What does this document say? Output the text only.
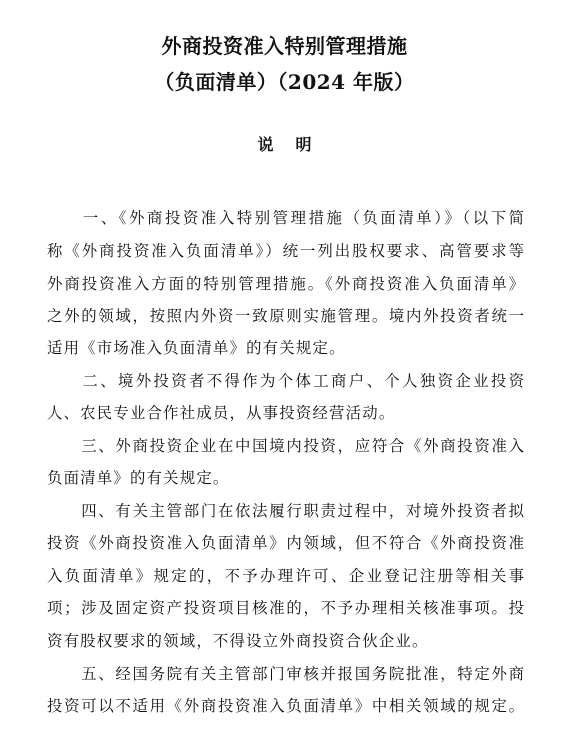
外商投资准入特别管理措施
（负面清单）（2024 年版）
说 明
　　一、《外商投资准入特别管理措施（负面清单）》（以下简
称《外商投资准入负面清单》）统一列出股权要求、高管要求等
外商投资准入方面的特别管理措施。《外商投资准入负面清单》
之外的领域，按照内外资一致原则实施管理。境内外投资者统一
适用《市场准入负面清单》的有关规定。
　　二、境外投资者不得作为个体工商户、个人独资企业投资
人、农民专业合作社成员，从事投资经营活动。
　　三、外商投资企业在中国境内投资，应符合《外商投资准入
负面清单》的有关规定。
　　四、有关主管部门在依法履行职责过程中，对境外投资者拟
投资《外商投资准入负面清单》内领域，但不符合《外商投资准
入负面清单》规定的，不予办理许可、企业登记注册等相关事
项；涉及固定资产投资项目核准的，不予办理相关核准事项。投
资有股权要求的领域，不得设立外商投资合伙企业。
　　五、经国务院有关主管部门审核并报国务院批准，特定外商
投资可以不适用《外商投资准入负面清单》中相关领域的规定。
